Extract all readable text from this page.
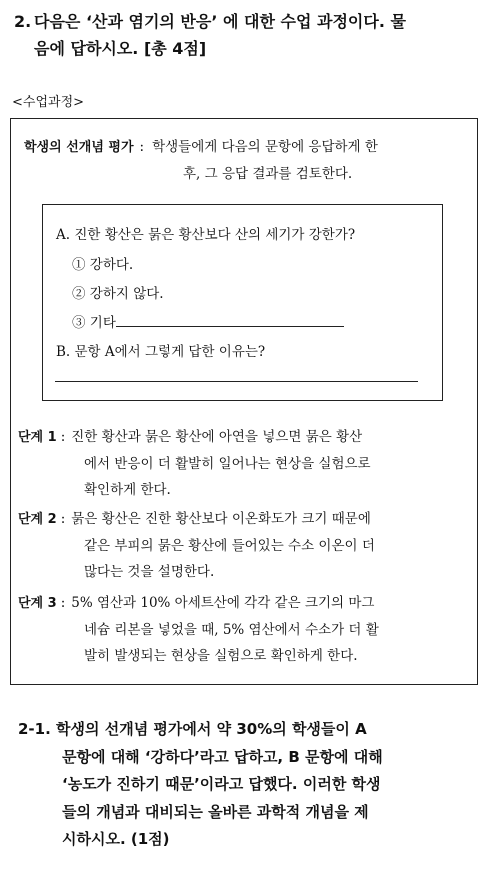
2. 다음은 ‘산과 염기의 반응’ 에 대한 수업 과정이다. 물
음에 답하시오. [총 4점]
<수업과정>
학생의 선개념 평가 : 학생들에게 다음의 문항에 응답하게 한
후, 그 응답 결과를 검토한다.
A. 진한 황산은 묽은 황산보다 산의 세기가 강한가?
① 강하다.
② 강하지 않다.
③ 기타
B. 문항 A에서 그렇게 답한 이유는?
단계 1 : 진한 황산과 묽은 황산에 아연을 넣으면 묽은 황산
에서 반응이 더 활발히 일어나는 현상을 실험으로
확인하게 한다.
단계 2 : 묽은 황산은 진한 황산보다 이온화도가 크기 때문에
같은 부피의 묽은 황산에 들어있는 수소 이온이 더
많다는 것을 설명한다.
단계 3 : 5% 염산과 10% 아세트산에 각각 같은 크기의 마그
네슘 리본을 넣었을 때, 5% 염산에서 수소가 더 활
발히 발생되는 현상을 실험으로 확인하게 한다.
2-1. 학생의 선개념 평가에서 약 30%의 학생들이 A
문항에 대해 ‘강하다’라고 답하고, B 문항에 대해
‘농도가 진하기 때문’이라고 답했다. 이러한 학생
들의 개념과 대비되는 올바른 과학적 개념을 제
시하시오. (1점)
